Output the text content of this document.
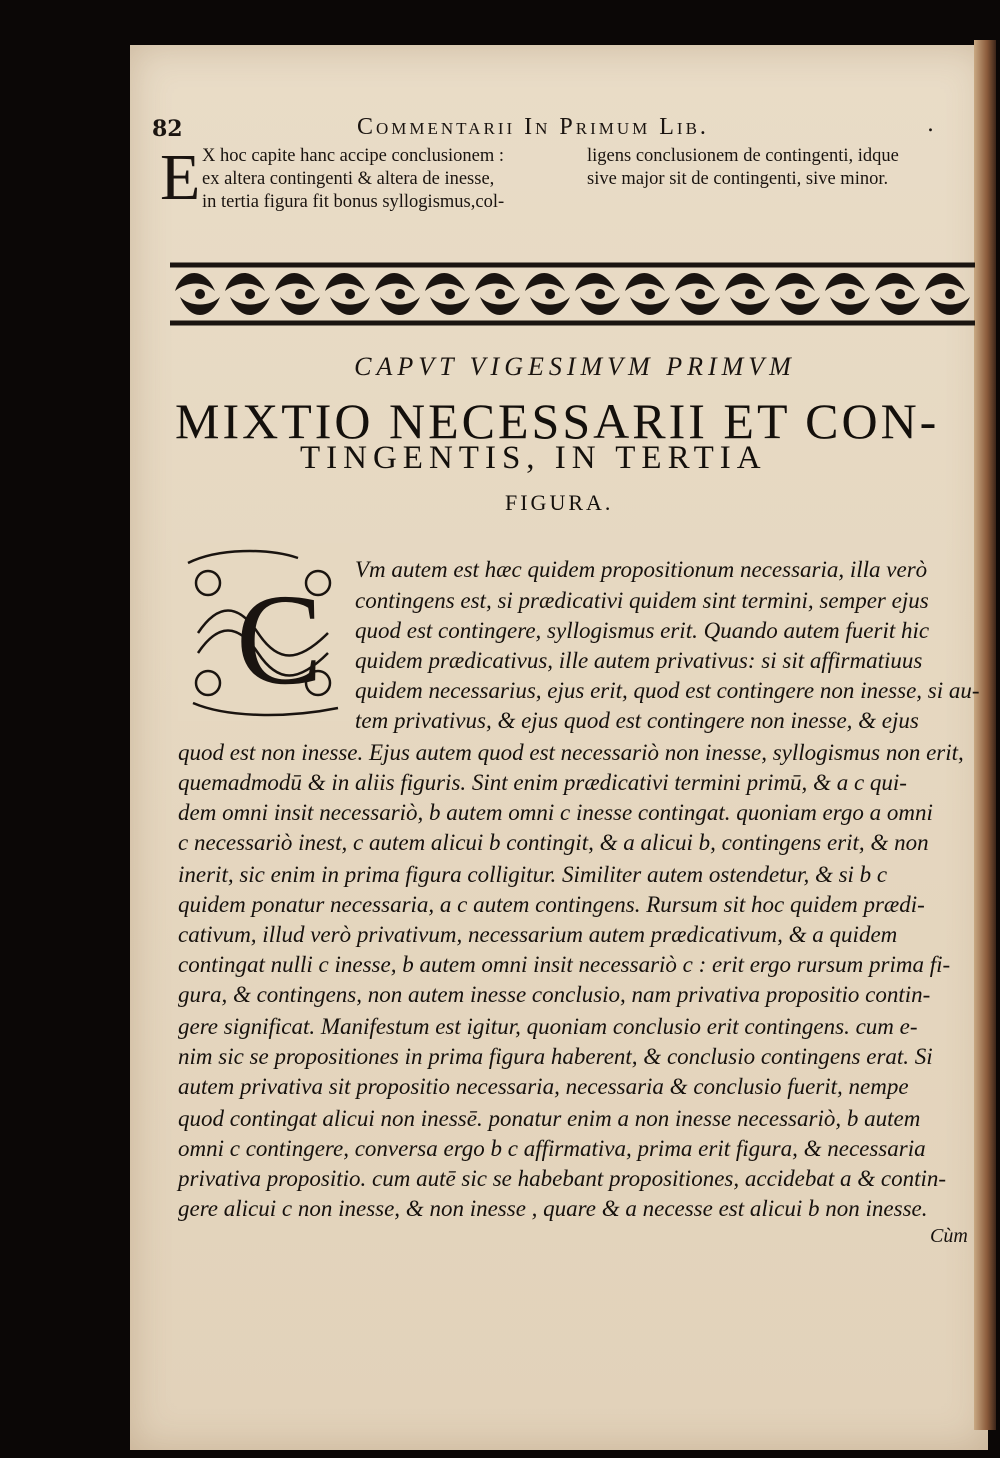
82	Commentarii In Primum Lib.	.
E X hoc capite hanc accipe conclusionem :
ex altera contingenti & altera de inesse,
in tertia figura fit bonus syllogismus,col-
ligens conclusionem de contingenti, idque
sive major sit de contingenti, sive minor.
CAPVT VIGESIMVM PRIMVM
MIXTIO NECESSARII ET CON-
TINGENTIS, IN TERTIA
FIGURA.
C Vm autem est hæc quidem propositionum necessaria, illa verò
contingens est, si prædicativi quidem sint termini, semper ejus
quod est contingere, syllogismus erit. Quando autem fuerit hic
quidem prædicativus, ille autem privativus: si sit affirmatiuus
quidem necessarius, ejus erit, quod est contingere non inesse, si au-
tem privativus, & ejus quod est contingere non inesse, & ejus
quod est non inesse. Ejus autem quod est necessariò non inesse, syllogismus non erit,
quemadmodū & in aliis figuris. Sint enim prædicativi termini primū, & a c qui-
dem omni insit necessariò, b autem omni c inesse contingat. quoniam ergo a omni
c necessariò inest, c autem alicui b contingit, & a alicui b, contingens erit, & non
inerit, sic enim in prima figura colligitur. Similiter autem ostendetur, & si b c
quidem ponatur necessaria, a c autem contingens. Rursum sit hoc quidem prædi-
cativum, illud verò privativum, necessarium autem prædicativum, & a quidem
contingat nulli c inesse, b autem omni insit necessariò c : erit ergo rursum prima fi-
gura, & contingens, non autem inesse conclusio, nam privativa propositio contin-
gere significat. Manifestum est igitur, quoniam conclusio erit contingens. cum e-
nim sic se propositiones in prima figura haberent, & conclusio contingens erat. Si
autem privativa sit propositio necessaria, necessaria & conclusio fuerit, nempe
quod contingat alicui non inessē. ponatur enim a non inesse necessariò, b autem
omni c contingere, conversa ergo b c affirmativa, prima erit figura, & necessaria
privativa propositio. cum autē sic se habebant propositiones, accidebat a & contin-
gere alicui c non inesse, & non inesse , quare & a necesse est alicui b non inesse.
Cùm
